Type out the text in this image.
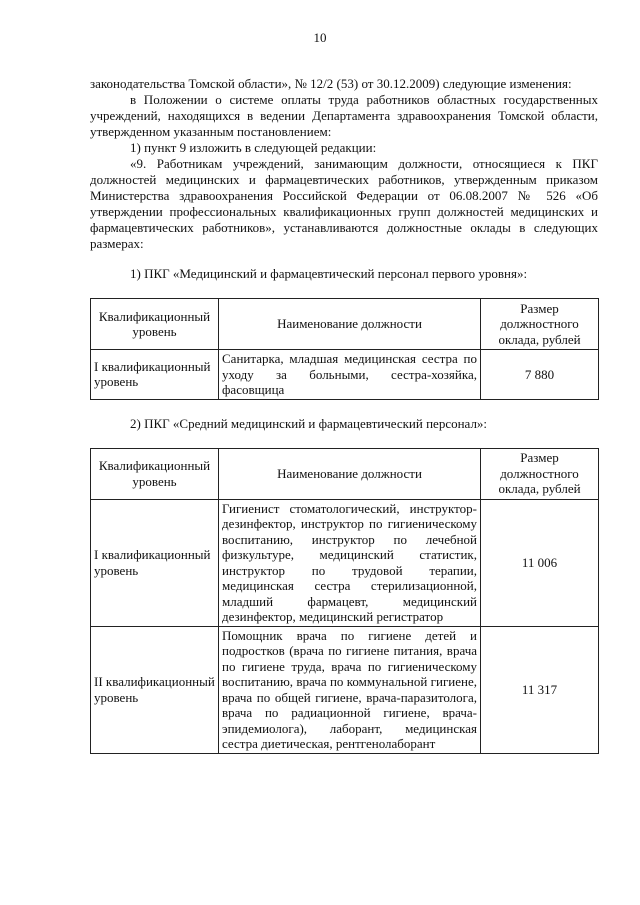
10

законодательства Томской области», № 12/2 (53) от 30.12.2009) следующие изменения:

в Положении о системе оплаты труда работников областных государственных учреждений, находящихся в ведении Департамента здравоохранения Томской области, утвержденном указанным постановлением:

1) пункт 9 изложить в следующей редакции:

«9. Работникам учреждений, занимающим должности, относящиеся к ПКГ должностей медицинских и фармацевтических работников, утвержденным приказом Министерства здравоохранения Российской Федерации от 06.08.2007 № 526 «Об утверждении профессиональных квалификационных групп должностей медицинских и фармацевтических работников», устанавливаются должностные оклады в следующих размерах:

1) ПКГ «Медицинский и фармацевтический персонал первого уровня»:

Квалификационный уровень	Наименование должности	Размер должностного оклада, рублей
I квалификационный уровень	Санитарка, младшая медицинская сестра по уходу за больными, сестра-хозяйка, фасовщица	7 880

2) ПКГ «Средний медицинский и фармацевтический персонал»:

Квалификационный уровень	Наименование должности	Размер должностного оклада, рублей
I квалификационный уровень	Гигиенист стоматологический, инструктор-дезинфектор, инструктор по гигиеническому воспитанию, инструктор по лечебной физкультуре, медицинский статистик, инструктор по трудовой терапии, медицинская сестра стерилизационной, младший фармацевт, медицинский дезинфектор, медицинский регистратор	11 006
II квалификационный уровень	Помощник врача по гигиене детей и подростков (врача по гигиене питания, врача по гигиене труда, врача по гигиеническому воспитанию, врача по коммунальной гигиене, врача по общей гигиене, врача-паразитолога, врача по радиационной гигиене, врача-эпидемиолога), лаборант, медицинская сестра диетическая, рентгенолаборант	11 317
